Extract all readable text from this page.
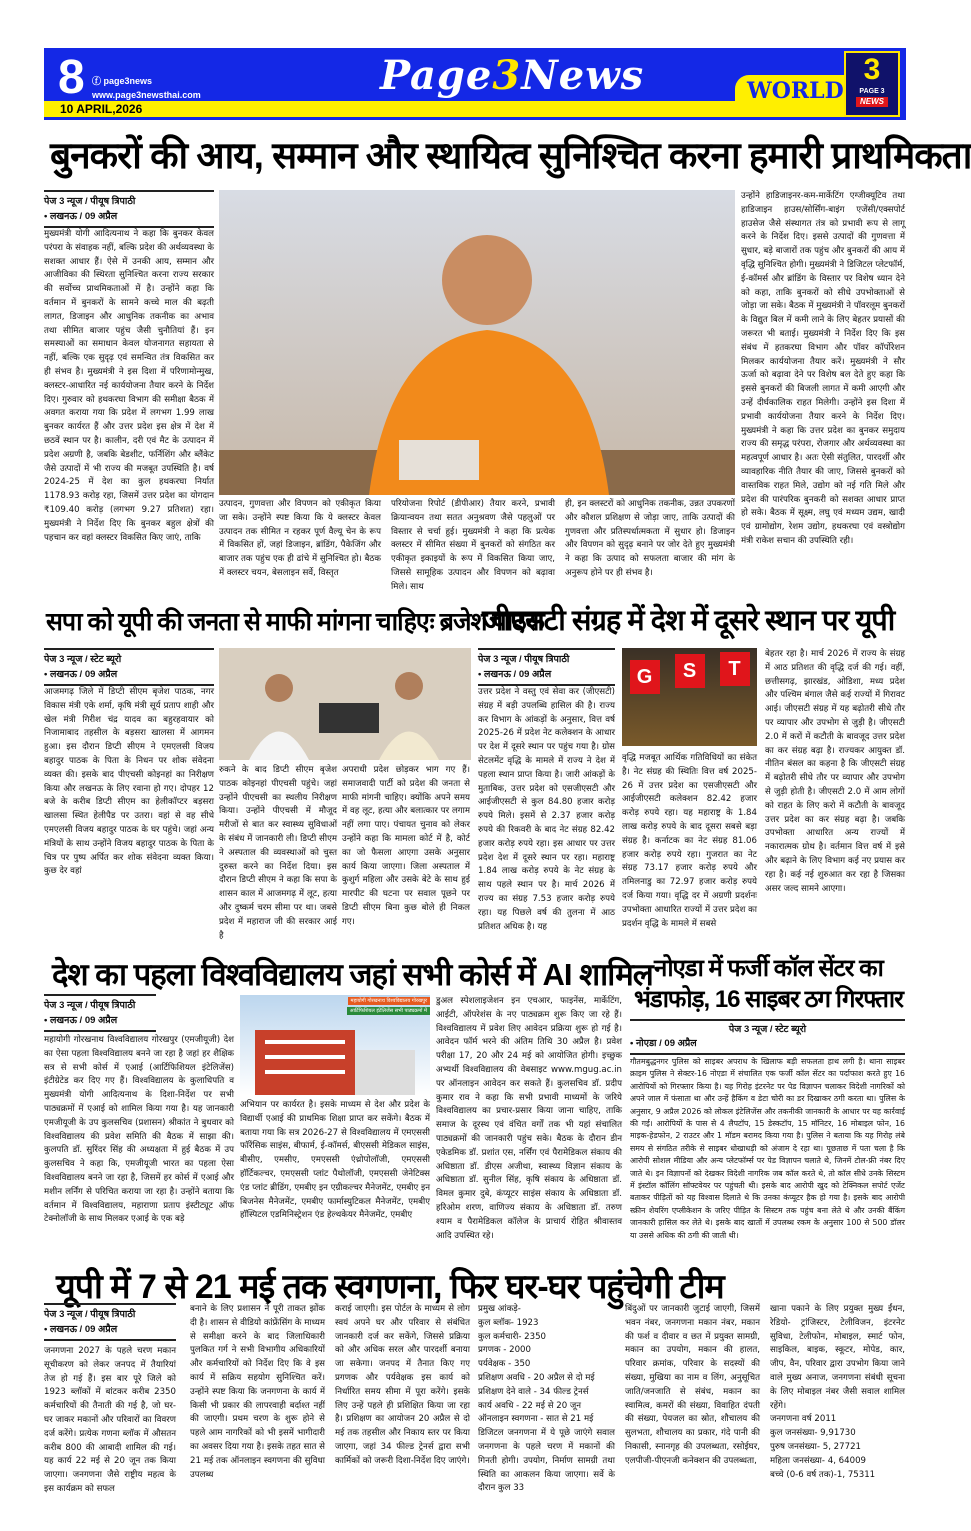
8 ⓕ page3news
www.page3newsthai.com
10 APRIL,2026
Page3News	WORLD
3
PAGE 3
NEWS
बुनकरों की आय, सम्मान और स्थायित्व सुनिश्चित करना हमारी प्राथमिकता
पेज 3 न्यूज / पीयूष त्रिपाठी
• लखनऊ / 09 अप्रैल
मुख्यमंत्री योगी आदित्यनाथ ने कहा कि बुनकर केवल परंपरा के संवाहक नहीं, बल्कि प्रदेश की अर्थव्यवस्था के सशक्त आधार हैं। ऐसे में उनकी आय, सम्मान और आजीविका की स्थिरता सुनिश्चित करना राज्य सरकार की सर्वोच्च प्राथमिकताओं में है। उन्होंने कहा कि वर्तमान में बुनकरों के सामने कच्चे माल की बढ़ती लागत, डिजाइन और आधुनिक तकनीक का अभाव तथा सीमित बाजार पहुंच जैसी चुनौतियां हैं। इन समस्याओं का समाधान केवल योजनागत सहायता से नहीं, बल्कि एक सुदृढ़ एवं समन्वित तंत्र विकसित कर ही संभव है। मुख्यमंत्री ने इस दिशा में परिणामोन्मुख, क्लस्टर-आधारित नई कार्ययोजना तैयार करने के निर्देश दिए। गुरुवार को हथकरघा विभाग की समीक्षा बैठक में अवगत कराया गया कि प्रदेश में लगभग 1.99 लाख बुनकर कार्यरत हैं और उत्तर प्रदेश इस क्षेत्र में देश में छठवें स्थान पर है। कालीन, दरी एवं मैट के उत्पादन में प्रदेश अग्रणी है, जबकि बेडशीट, फर्निशिंग और ब्लैंकेट जैसे उत्पादों में भी राज्य की मजबूत उपस्थिति है। वर्ष 2024-25 में देश का कुल हथकरघा निर्यात 1178.93 करोड़ रहा, जिसमें उत्तर प्रदेश का योगदान ₹109.40 करोड़ (लगभग 9.27 प्रतिशत) रहा। मुख्यमंत्री ने निर्देश दिए कि बुनकर बहुल क्षेत्रों की पहचान कर वहां क्लस्टर विकसित किए जाएं, ताकि
उत्पादन, गुणवत्ता और विपणन को एकीकृत किया जा सके। उन्होंने स्पष्ट किया कि ये क्लस्टर केवल उत्पादन तक सीमित न रहकर पूर्ण वैल्यू चेन के रूप में विकसित हों, जहां डिजाइन, ब्रांडिंग, पैकेजिंग और बाजार तक पहुंच एक ही ढांचे में सुनिश्चित हो। बैठक में क्लस्टर चयन, बेसलाइन सर्वे, विस्तृत
परियोजना रिपोर्ट (डीपीआर) तैयार करने, प्रभावी क्रियान्वयन तथा सतत अनुश्रवण जैसे पहलुओं पर विस्तार से चर्चा हुई। मुख्यमंत्री ने कहा कि प्रत्येक क्लस्टर में सीमित संख्या में बुनकरों को संगठित कर एकीकृत इकाइयों के रूप में विकसित किया जाए, जिससे सामूहिक उत्पादन और विपणन को बढ़ावा मिले। साथ
ही, इन क्लस्टरों को आधुनिक तकनीक, उन्नत उपकरणों और कौशल प्रशिक्षण से जोड़ा जाए, ताकि उत्पादों की गुणवत्ता और प्रतिस्पर्धात्मकता में सुधार हो। डिजाइन और विपणन को सुदृढ़ बनाने पर जोर देते हुए मुख्यमंत्री ने कहा कि उत्पाद को सफलता बाजार की मांग के अनुरूप होने पर ही संभव है।
उन्होंने हाडिजाइनर-कम-मार्केटिंग एग्जीक्यूटिव तथा हाडिजाइन हाउस/सोर्सिंग-बाइंग एजेंसी/एक्सपोर्ट हाउसेज जैसे संस्थागत तंत्र को प्रभावी रूप से लागू करने के निर्देश दिए। इससे उत्पादों की गुणवत्ता में सुधार, बड़े बाजारों तक पहुंच और बुनकरों की आय में वृद्धि सुनिश्चित होगी। मुख्यमंत्री ने डिजिटल प्लेटफॉर्म, ई-कॉमर्स और ब्रांडिंग के विस्तार पर विशेष ध्यान देने को कहा, ताकि बुनकरों को सीधे उपभोक्ताओं से जोड़ा जा सके। बैठक में मुख्यमंत्री ने पॉवरलूम बुनकरों के विद्युत बिल में कमी लाने के लिए बेहतर प्रयासों की जरूरत भी बताई। मुख्यमंत्री ने निर्देश दिए कि इस संबंध में हतकरघा विभाग और पॉवर कॉर्पोरेशन मिलकर कार्ययोजना तैयार करें। मुख्यमंत्री ने सौर ऊर्जा को बढ़ावा देने पर विशेष बल देते हुए कहा कि इससे बुनकरों की बिजली लागत में कमी आएगी और उन्हें दीर्घकालिक राहत मिलेगी। उन्होंने इस दिशा में प्रभावी कार्ययोजना तैयार करने के निर्देश दिए। मुख्यमंत्री ने कहा कि उत्तर प्रदेश का बुनकर समुदाय राज्य की समृद्ध परंपरा, रोजगार और अर्थव्यवस्था का महत्वपूर्ण आधार है। अतः ऐसी संतुलित, पारदर्शी और व्यावहारिक नीति तैयार की जाए, जिससे बुनकरों को वास्तविक राहत मिले, उद्योग को नई गति मिले और प्रदेश की पारंपरिक बुनकरी को सशक्त आधार प्राप्त हो सके। बैठक में सूक्ष्म, लघु एवं मध्यम उद्यम, खादी एवं ग्रामोद्योग, रेशम उद्योग, हथकरघा एवं वस्त्रोद्योग मंत्री राकेश सचान की उपस्थिति रही।
सपा को यूपी की जनता से माफी मांगना चाहिएः ब्रजेश पाठक
पेज 3 न्यूज / स्टेट ब्यूरो
• लखनऊ / 09 अप्रैल
आजमगढ़ जिले में डिप्टी सीएम बृजेश पाठक, नगर विकास मंत्री एके शर्मा, कृषि मंत्री सूर्य प्रताप शाही और खेल मंत्री गिरीश चंद्र यादव का बहुरहवायार को निजामाबाद तहसील के बड़सरा खालसा में आगमन हुआ। इस दौरान डिप्टी सीएम ने एमएलसी विजय बहादुर पाठक के पिता के निधन पर शोक संवेदना व्यक्त की। इसके बाद पीएचसी कोइनहां का निरीक्षण किया और लखनऊ के लिए रवाना हो गए। दोपहर 12 बजे के करीब डिप्टी सीएम का हेलीकॉप्टर बड़सरा खालसा स्थित हेलीपैड पर उतरा। वहां से वह सीधे एमएलसी विजय बहादुर पाठक के घर पहुंचे। जहां अन्य मंत्रियों के साथ उन्होंने विजय बहादुर पाठक के पिता के चित्र पर पुष्प अर्पित कर शोक संवेदना व्यक्त किया। कुछ देर वहां
रुकने के बाद डिप्टी सीएम बृजेश पाठक कोइनहां पीएचसी पहुंचे। जहां उन्होंने पीएचसी का स्थलीय निरीक्षण किया। उन्होंने पीएचसी में मौजूद मरीजों से बात कर स्वास्थ्य सुविधाओं के संबंध में जानकारी ली। डिप्टी सीएम ने अस्पताल की व्यवस्थाओं को चुस्त दुरुस्त करने का निर्देश दिया। इस दौरान डिप्टी सीएम ने कहा कि सपा के शासन काल में आजमगढ़ में लूट, हत्या और दुष्कर्म चरम सीमा पर था। जबसे प्रदेश में महाराज जी की सरकार आई है
अपराधी प्रदेश छोड़कर भाग गए हैं। समाजवादी पार्टी को प्रदेश की जनता से माफी मांगनी चाहिए। क्योंकि अपने समय में वह लूट, हत्या और बलात्कार पर लगाम नहीं लगा पाए। पंचायत चुनाव को लेकर उन्होंने कहा कि मामला कोर्ट में है, कोर्ट का जो फैसला आएगा उसके अनुसार कार्य किया जाएगा। जिला अस्पताल में कुशुर्ग महिला और उसके बेटे के साथ हुई मारपीट की घटना पर सवाल पूछने पर डिप्टी सीएम बिना कुछ बोले ही निकल गए।
जीएसटी संग्रह में देश में दूसरे स्थान पर यूपी
पेज 3 न्यूज / पीयूष त्रिपाठी
• लखनऊ / 09 अप्रैल
उत्तर प्रदेश ने वस्तु एवं सेवा कर (जीएसटी) संग्रह में बड़ी उपलब्धि हासिल की है। राज्य कर विभाग के आंकड़ों के अनुसार, वित्त वर्ष 2025-26 में प्रदेश नेट कलेक्शन के आधार पर देश में दूसरे स्थान पर पहुंच गया है। ग्रोस सेटलमेंट वृद्धि के मामले में राज्य ने देश में पहला स्थान प्राप्त किया है। जारी आंकड़ों के मुताबिक, उत्तर प्रदेश को एसजीएसटी और आईजीएसटी से कुल 84.80 हजार करोड़ रुपये मिले। इसमें से 2.37 हजार करोड़ रुपये की रिकवरी के बाद नेट संग्रह 82.42 हजार करोड़ रुपये रहा। इस आधार पर उत्तर प्रदेश देश में दूसरे स्थान पर रहा। महाराष्ट्र 1.84 लाख करोड़ रुपये के नेट संग्रह के साथ पहले स्थान पर है। मार्च 2026 में राज्य का संग्रह 7.53 हजार करोड़ रुपये रहा। यह पिछले वर्ष की तुलना में आठ प्रतिशत अधिक है। यह
G	S	T
वृद्धि मजबूत आर्थिक गतिविधियों का संकेत है। नेट संग्रह की स्थितिः वित्त वर्ष 2025-26 में उत्तर प्रदेश का एसजीएसटी और आईजीएसटी कलेक्शन 82.42 हजार करोड़ रुपये रहा। यह महाराष्ट्र के 1.84 लाख करोड़ रुपये के बाद दूसरा सबसे बड़ा संग्रह है। कर्नाटक का नेट संग्रह 81.06 हजार करोड़ रुपये रहा। गुजरात का नेट संग्रह 73.17 हजार करोड़ रुपये और तमिलनाडु का 72.97 हजार करोड़ रुपये दर्ज किया गया। वृद्धि दर में अग्रणी प्रदर्शनः उपभोक्ता आधारित राज्यों में उत्तर प्रदेश का प्रदर्शन वृद्धि के मामले में सबसे
बेहतर रहा है। मार्च 2026 में राज्य के संग्रह में आठ प्रतिशत की वृद्धि दर्ज की गई। वहीं, छत्तीसगढ़, झारखंड, ओडिशा, मध्य प्रदेश और पश्चिम बंगाल जैसे कई राज्यों में गिरावट आई। जीएसटी संग्रह में यह बढ़ोतरी सीधे तौर पर व्यापार और उपभोग से जुड़ी है। जीएसटी 2.0 में करों में कटौती के बावजूद उत्तर प्रदेश का कर संग्रह बढ़ा है। राज्यकर आयुक्त डॉ. नीतिन बंसल का कहना है कि जीएसटी संग्रह में बढ़ोतरी सीधे तौर पर व्यापार और उपभोग से जुड़ी होती है। जीएसटी 2.0 में आम लोगों को राहत के लिए करो में कटौती के बावजूद उत्तर प्रदेश का कर संग्रह बढ़ा है। जबकि उपभोक्ता आधारित अन्य राज्यों में नकारात्मक ग्रोथ है। वर्तमान वित्त वर्ष में इसे और बढ़ाने के लिए विभाग कई नए प्रयास कर रहा है। कई नई शुरुआत कर रहा है जिसका असर जल्द सामने आएगा।
देश का पहला विश्वविद्यालय जहां सभी कोर्स में AI शामिल
पेज 3 न्यूज / पीयूष त्रिपाठी
• लखनऊ / 09 अप्रैल
महायोगी गोरखनाथ विश्वविद्यालय गोरखपुर (एमजीयूजी) देश का ऐसा पहला विश्वविद्यालय बनने जा रहा है जहां हर शैक्षिक सत्र से सभी कोर्स में एआई (आर्टिफिशियल इंटेलिजेंस) इंटीग्रेटेड कर दिए गए हैं। विश्वविद्यालय के कुलाधिपति व मुख्यमंत्री योगी आदित्यनाथ के दिशा-निर्देश पर सभी पाठ्यक्रमों में एआई को शामिल किया गया है। यह जानकारी एमजीयूजी के उप कुलसचिव (प्रशासन) श्रीकांत ने बुधवार को विश्वविद्यालय की प्रवेश समिति की बैठक में साझा की। कुलपति डॉ. सुरिंदर सिंह की अध्यक्षता में हुई बैठक में उप कुलसचिव ने कहा कि, एमजीयूजी भारत का पहला ऐसा विश्वविद्यालय बनने जा रहा है, जिसमें हर कोर्स में एआई और मशीन लर्निंग से परिचित कराया जा रहा है। उन्होंने बताया कि वर्तमान में विश्वविद्यालय, महाराणा प्रताप इंस्टीट्यूट ऑफ टेक्नोलॉजी के साथ मिलकर एआई के एक बड़े
महायोगी गोरखनाथ विश्वविद्यालय गोरखपुर
आर्टिफिशियल इंटेलिजेंस सभी पाठ्यक्रमों में
अभियान पर कार्यरत है। इसके माध्यम से देश और प्रदेश के विद्यार्थी एआई की प्राथमिक शिक्षा प्राप्त कर सकेंगे। बैठक में बताया गया कि सत्र 2026-27 से विश्वविद्यालय में एमएससी फॉरेंसिक साइंस, बीफार्म, ई-कॉमर्स, बीएससी मेडिकल साइंस, बीसीए, एमसीए, एमएससी एंथ्रोपोलॉजी, एमएससी हॉर्टिकल्चर, एमएससी प्लांट पैथोलॉजी, एमएससी जेनेटिक्स एंड प्लांट ब्रीडिंग, एमबीए इन एग्रीकल्चर मैनेजमेंट, एमबीए इन बिजनेस मैनेजमेंट, एमबीए फार्मास्युटिकल मैनेजमेंट, एमबीए हॉस्पिटल एडमिनिस्ट्रेशन एंड हेल्थकेयर मैनेजमेंट, एमबीए
डुअल स्पेशलाइजेशन इन एचआर, फाइनेंस, मार्केटिंग, आईटी, ऑपरेशंस के नए पाठ्यक्रम शुरू किए जा रहे हैं। विश्वविद्यालय में प्रवेश लिए आवेदन प्रक्रिया शुरू हो गई है। आवेदन फॉर्म भरने की अंतिम तिथि 30 अप्रैल है। प्रवेश परीक्षा 17, 20 और 24 मई को आयोजित होगी। इच्छुक अभ्यर्थी विश्वविद्यालय की वेबसाइट www.mgug.ac.in पर ऑनलाइन आवेदन कर सकते हैं। कुलसचिव डॉ. प्रदीप कुमार राव ने कहा कि सभी प्रभावी माध्यमों के जरिये विश्वविद्यालय का प्रचार-प्रसार किया जाना चाहिए, ताकि समाज के दूरस्थ एवं वंचित वर्गों तक भी यहां संचालित पाठ्यक्रमों की जानकारी पहुंच सके। बैठक के दौरान डीन एकेडमिक डॉ. प्रशांत एस, नर्सिंग एवं पैरामेडिकल संकाय की अधिष्ठाता डॉ. डीएस अजीथा, स्वास्थ्य विज्ञान संकाय के अधिष्ठाता डॉ. सुनील सिंह, कृषि संकाय के अधिष्ठाता डॉ. विमल कुमार दुबे, कंप्यूटर साइंस संकाय के अधिष्ठाता डॉ. हरिओम शरण, वाणिज्य संकाय के अधिष्ठाता डॉ. तरुण श्याम व पैरामेडिकल कॉलेज के प्राचार्य रोहित श्रीवास्तव आदि उपस्थित रहे।
नोएडा में फर्जी कॉल सेंटर का
भंडाफोड़, 16 साइबर ठग गिरफ्तार
पेज 3 न्यूज / स्टेट ब्यूरो
• नोएडा / 09 अप्रैल
गौतमबुद्धनगर पुलिस को साइबर अपराध के खिलाफ बड़ी सफलता हाथ लगी है। थाना साइबर क्राइम पुलिस ने सेक्टर-16 नोएडा में संचालित एक फर्जी कॉल सेंटर का पर्दाफाश करते हुए 16 आरोपियों को गिरफ्तार किया है। यह गिरोह इंटरनेट पर पेड विज्ञापन चलाकर विदेशी नागरिकों को अपने जाल में फंसाता था और उन्हें हैकिंग व डेटा चोरी का डर दिखाकर ठगी करता था। पुलिस के अनुसार, 9 अप्रैल 2026 को लोकल इंटेलिजेंस और तकनीकी जानकारी के आधार पर यह कार्रवाई की गई। आरोपियों के पास से 4 लैपटॉप, 15 डेस्कटॉप, 15 मॉनिटर, 16 मोबाइल फोन, 16 माइक-हेडफोन, 2 राउटर और 1 मॉडम बरामद किया गया है। पुलिस ने बताया कि यह गिरोह लंबे समय से संगठित तरीके से साइबर धोखाधड़ी को अंजाम दे रहा था। पूछताछ में पता चला है कि आरोपी सोशल मीडिया और अन्य प्लेटफॉर्म्स पर पेड विज्ञापन चलाते थे, जिनमें टोल-फ्री नंबर दिए जाते थे। इन विज्ञापनों को देखकर विदेशी नागरिक जब कॉल करते थे, तो कॉल सीधे उनके सिस्टम में इंस्टॉल कॉलिंग सॉफ्टवेयर पर पहुंचती थी। इसके बाद आरोपी खुद को टेक्निकल सपोर्ट एजेंट बताकर पीड़ितों को यह विश्वास दिलाते थे कि उनका कंप्यूटर हैक हो गया है। इसके बाद आरोपी स्क्रीन शेयरिंग एप्लीकेशन के जरिए पीड़ित के सिस्टम तक पहुंच बना लेते थे और उनकी बैंकिंग जानकारी हासिल कर लेते थे। इसके बाद खातों में उपलब्ध रकम के अनुसार 100 से 500 डॉलर या उससे अधिक की ठगी की जाती थी।
यूपी में 7 से 21 मई तक स्वगणना, फिर घर-घर पहुंचेगी टीम
पेज 3 न्यूज / पीयूष त्रिपाठी
• लखनऊ / 09 अप्रैल
जनगणना 2027 के पहले चरण मकान सूचीकरण को लेकर जनपद में तैयारियां तेज हो गई हैं। इस बार पूरे जिले को 1923 ब्लॉकों में बांटकर करीब 2350 कर्मचारियों की तैनाती की गई है, जो घर-घर जाकर मकानों और परिवारों का विवरण दर्ज करेंगे। प्रत्येक गणना ब्लॉक में औसतन करीब 800 की आबादी शामिल की गई। यह कार्य 22 मई से 20 जून तक किया जाएगा। जनगणना जैसे राष्ट्रीय महत्व के इस कार्यक्रम को सफल
बनाने के लिए प्रशासन ने पूरी ताकत झोंक दी है। शासन से वीडियो कांफ्रेंसिंग के माध्यम से समीक्षा करने के बाद जिलाधिकारी पुलकित गर्ग ने सभी विभागीय अधिकारियों और कर्मचारियों को निर्देश दिए कि वे इस कार्य में सक्रिय सहयोग सुनिश्चित करें। उन्होंने स्पष्ट किया कि जनगणना के कार्य में किसी भी प्रकार की लापरवाही बर्दाश्त नहीं की जाएगी। प्रथम चरण के शुरू होने से पहले आम नागरिकों को भी इसमें भागीदारी का अवसर दिया गया है। इसके तहत सात से 21 मई तक ऑनलाइन स्वगणना की सुविधा उपलब्ध
कराई जाएगी। इस पोर्टल के माध्यम से लोग स्वयं अपने घर और परिवार से संबंधित जानकारी दर्ज कर सकेंगे, जिससे प्रक्रिया को और अधिक सरल और पारदर्शी बनाया जा सकेगा। जनपद में तैनात किए गए प्रगणक और पर्यवेक्षक इस कार्य को निर्धारित समय सीमा में पूरा करेंगे। इसके लिए उन्हें पहले ही प्रशिक्षित किया जा रहा है। प्रशिक्षण का आयोजन 20 अप्रैल से दो मई तक तहसील और निकाय स्तर पर किया जाएगा, जहां 34 फील्ड ट्रेनर्स द्वारा सभी कार्मिकों को जरूरी दिशा-निर्देश दिए जाएंगे।
प्रमुख आंकड़े-
कुल ब्लॉक- 1923
कुल कर्मचारी- 2350
प्रगणक - 2000
पर्यवेक्षक - 350
प्रशिक्षण अवधि - 20 अप्रैल से दो मई
प्रशिक्षण देने वाले - 34 फील्ड ट्रेनर्स
कार्य अवधि - 22 मई से 20 जून
ऑनलाइन स्वगणना - सात से 21 मई
डिजिटल जनगणना में ये पूछे जाएंगे सवाल जनगणना के पहले चरण में मकानों की गिनती होगी। उपयोग, निर्माण सामग्री तथा स्थिति का आकलन किया जाएगा। सर्वे के दौरान कुल 33
बिंदुओं पर जानकारी जुटाई जाएगी, जिसमें भवन नंबर, जनगणना मकान नंबर, मकान की फर्श व दीवार व छत में प्रयुक्त सामग्री, मकान का उपयोग, मकान की हालत, परिवार क्रमांक, परिवार के सदस्यों की संख्या, मुखिया का नाम व लिंग, अनुसूचित जाति/जनजाति से संबंध, मकान का स्वामित्व, कमरों की संख्या, विवाहित दंपती की संख्या, पेयजल का स्रोत, शौचालय की सुलभता, शौचालय का प्रकार, गंदे पानी की निकासी, स्नानगृह की उपलब्धता, रसोईघर, एलपीजी-पीएनजी कनेक्शन की उपलब्धता,
खाना पकाने के लिए प्रयुक्त मुख्य ईंधन, रेडियो- ट्रांजिस्टर, टेलीविजन, इंटरनेट सुविधा, टेलीफोन, मोबाइल, स्मार्ट फोन, साइकिल, बाइक, स्कूटर, मोपेड, कार, जीप, वैन, परिवार द्वारा उपभोग किया जाने वाले मुख्य अनाज, जनगणना संबंधी सूचना के लिए मोबाइल नंबर जैसी सवाल शामिल रहेंगे।
जनगणना वर्ष 2011
कुल जनसंख्या- 9,91730
पुरुष जनसंख्या- 5, 27721
महिला जनसंख्या- 4, 64009
बच्चे (0-6 वर्ष तक)-1, 75311
